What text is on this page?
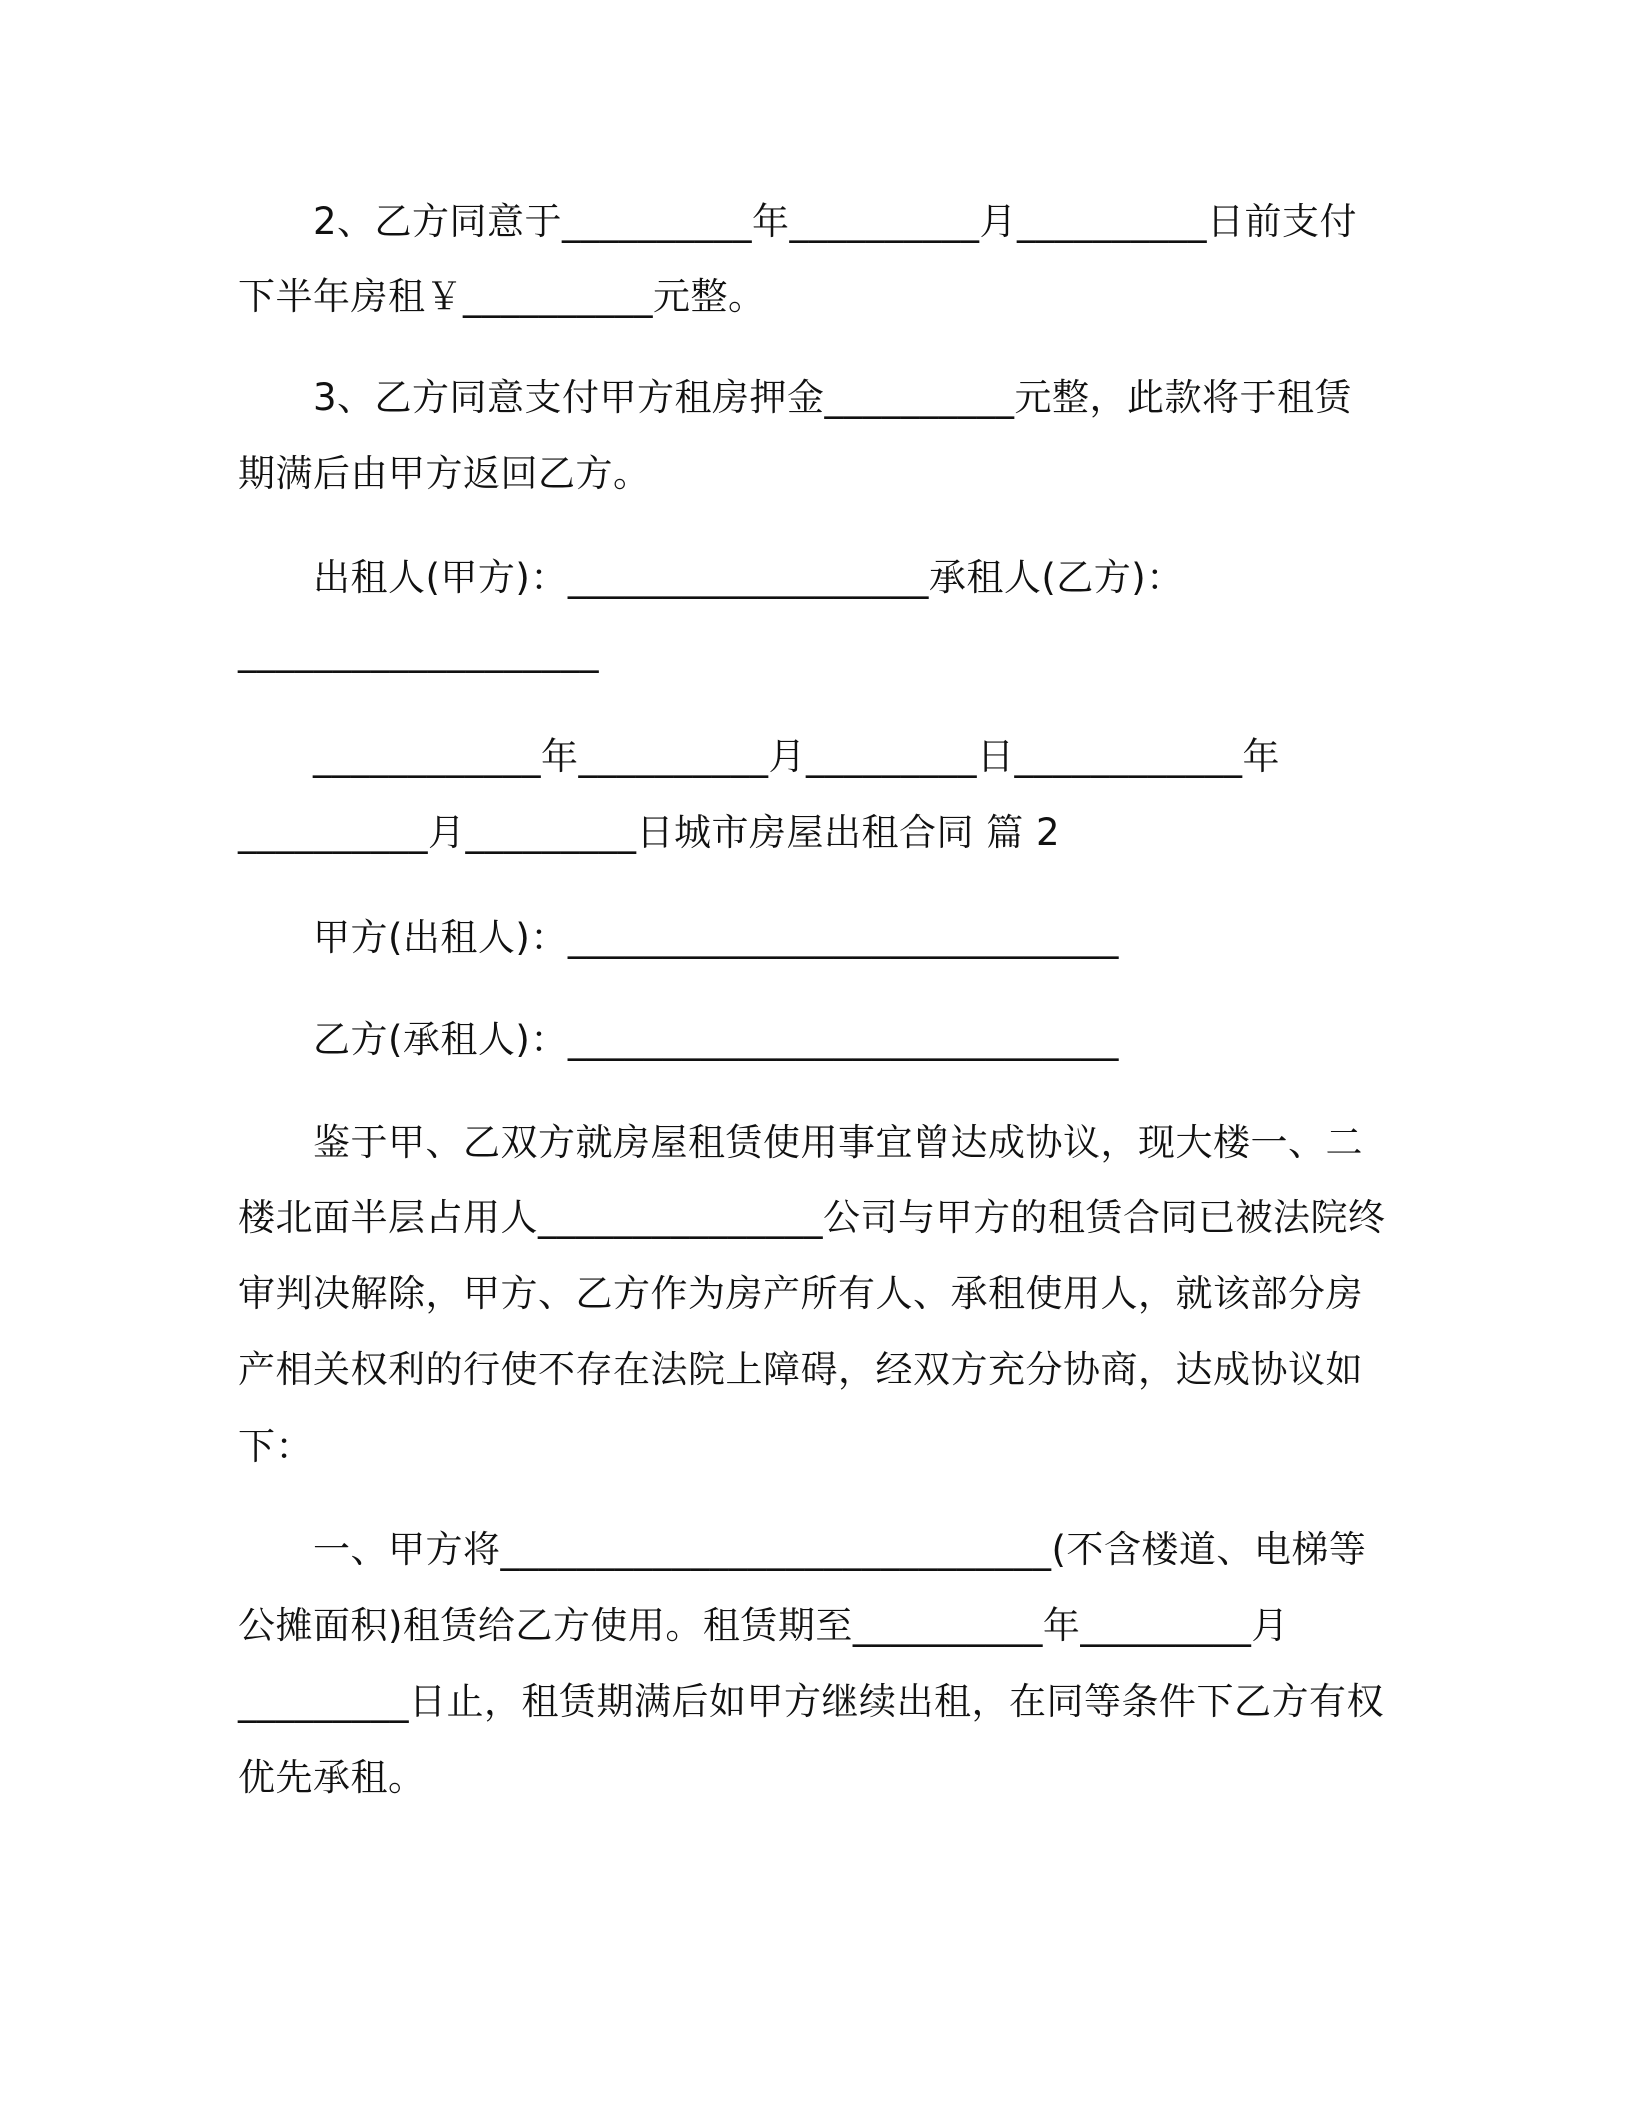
　　2、乙方同意于__________年__________月__________日前支付
下半年房租￥__________元整。
　　3、乙方同意支付甲方租房押金__________元整，此款将于租赁
期满后由甲方返回乙方。
　　出租人(甲方)：___________________承租人(乙方)：
___________________
　　____________年__________月_________日____________年
__________月_________日城市房屋出租合同 篇 2
　　甲方(出租人)：_____________________________
　　乙方(承租人)：_____________________________
　　鉴于甲、乙双方就房屋租赁使用事宜曾达成协议，现大楼一、二
楼北面半层占用人_______________公司与甲方的租赁合同已被法院终
审判决解除，甲方、乙方作为房产所有人、承租使用人，就该部分房
产相关权利的行使不存在法院上障碍，经双方充分协商，达成协议如
下：
　　一、甲方将_____________________________(不含楼道、电梯等
公摊面积)租赁给乙方使用。租赁期至__________年_________月
_________日止，租赁期满后如甲方继续出租，在同等条件下乙方有权
优先承租。
